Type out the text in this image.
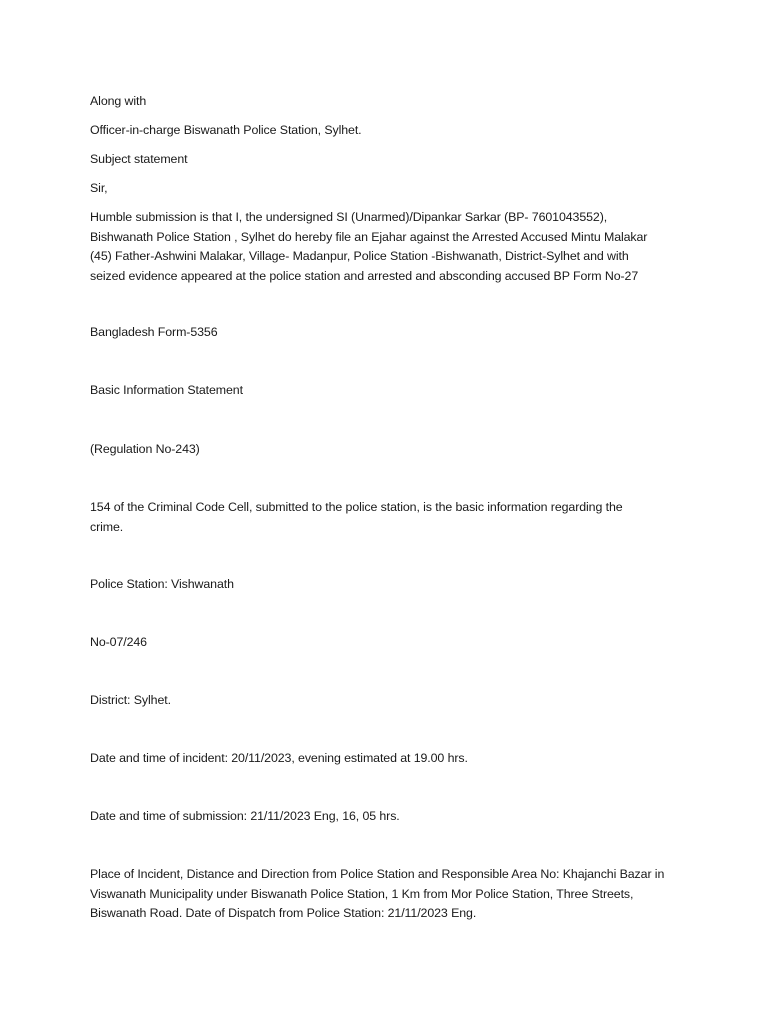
Along with

Officer-in-charge Biswanath Police Station, Sylhet.

Subject statement

Sir,

Humble submission is that I, the undersigned SI (Unarmed)/Dipankar Sarkar (BP- 7601043552),
Bishwanath Police Station , Sylhet do hereby file an Ejahar against the Arrested Accused Mintu Malakar
(45) Father-Ashwini Malakar, Village- Madanpur, Police Station -Bishwanath, District-Sylhet and with
seized evidence appeared at the police station and arrested and absconding accused BP Form No-27

Bangladesh Form-5356

Basic Information Statement

(Regulation No-243)

154 of the Criminal Code Cell, submitted to the police station, is the basic information regarding the
crime.

Police Station: Vishwanath

No-07/246

District: Sylhet.

Date and time of incident: 20/11/2023, evening estimated at 19.00 hrs.

Date and time of submission: 21/11/2023 Eng, 16, 05 hrs.

Place of Incident, Distance and Direction from Police Station and Responsible Area No: Khajanchi Bazar in
Viswanath Municipality under Biswanath Police Station, 1 Km from Mor Police Station, Three Streets,
Biswanath Road. Date of Dispatch from Police Station: 21/11/2023 Eng.
